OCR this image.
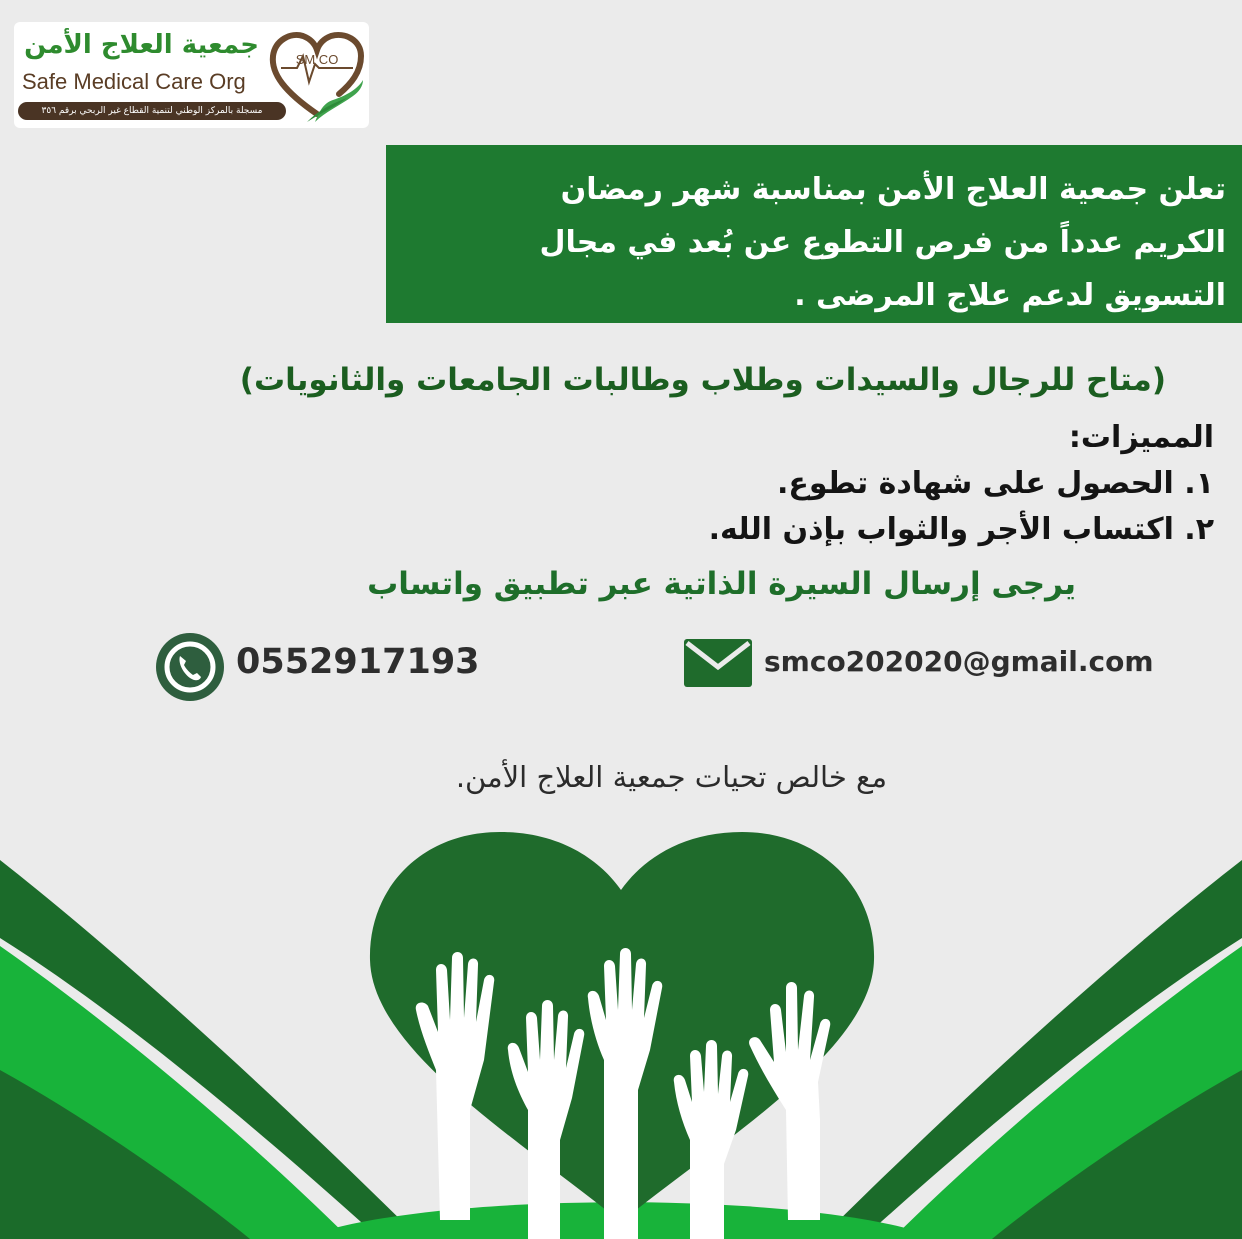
جمعية العلاج الأمن
Safe Medical Care Org
مسجلة بالمركز الوطني لتنمية القطاع غير الربحي برقم ٣٥٦
SM CO
تعلن جمعية العلاج الأمن بمناسبة شهر رمضان
الكريم عدداً من فرص التطوع عن بُعد في مجال
التسويق لدعم علاج المرضى .
(متاح للرجال والسيدات وطلاب وطالبات الجامعات والثانويات)
المميزات:
١. الحصول على شهادة تطوع.
٢. اكتساب الأجر والثواب بإذن الله.
يرجى إرسال السيرة الذاتية عبر تطبيق واتساب
0552917193	smco202020@gmail.com
مع خالص تحيات جمعية العلاج الأمن.
